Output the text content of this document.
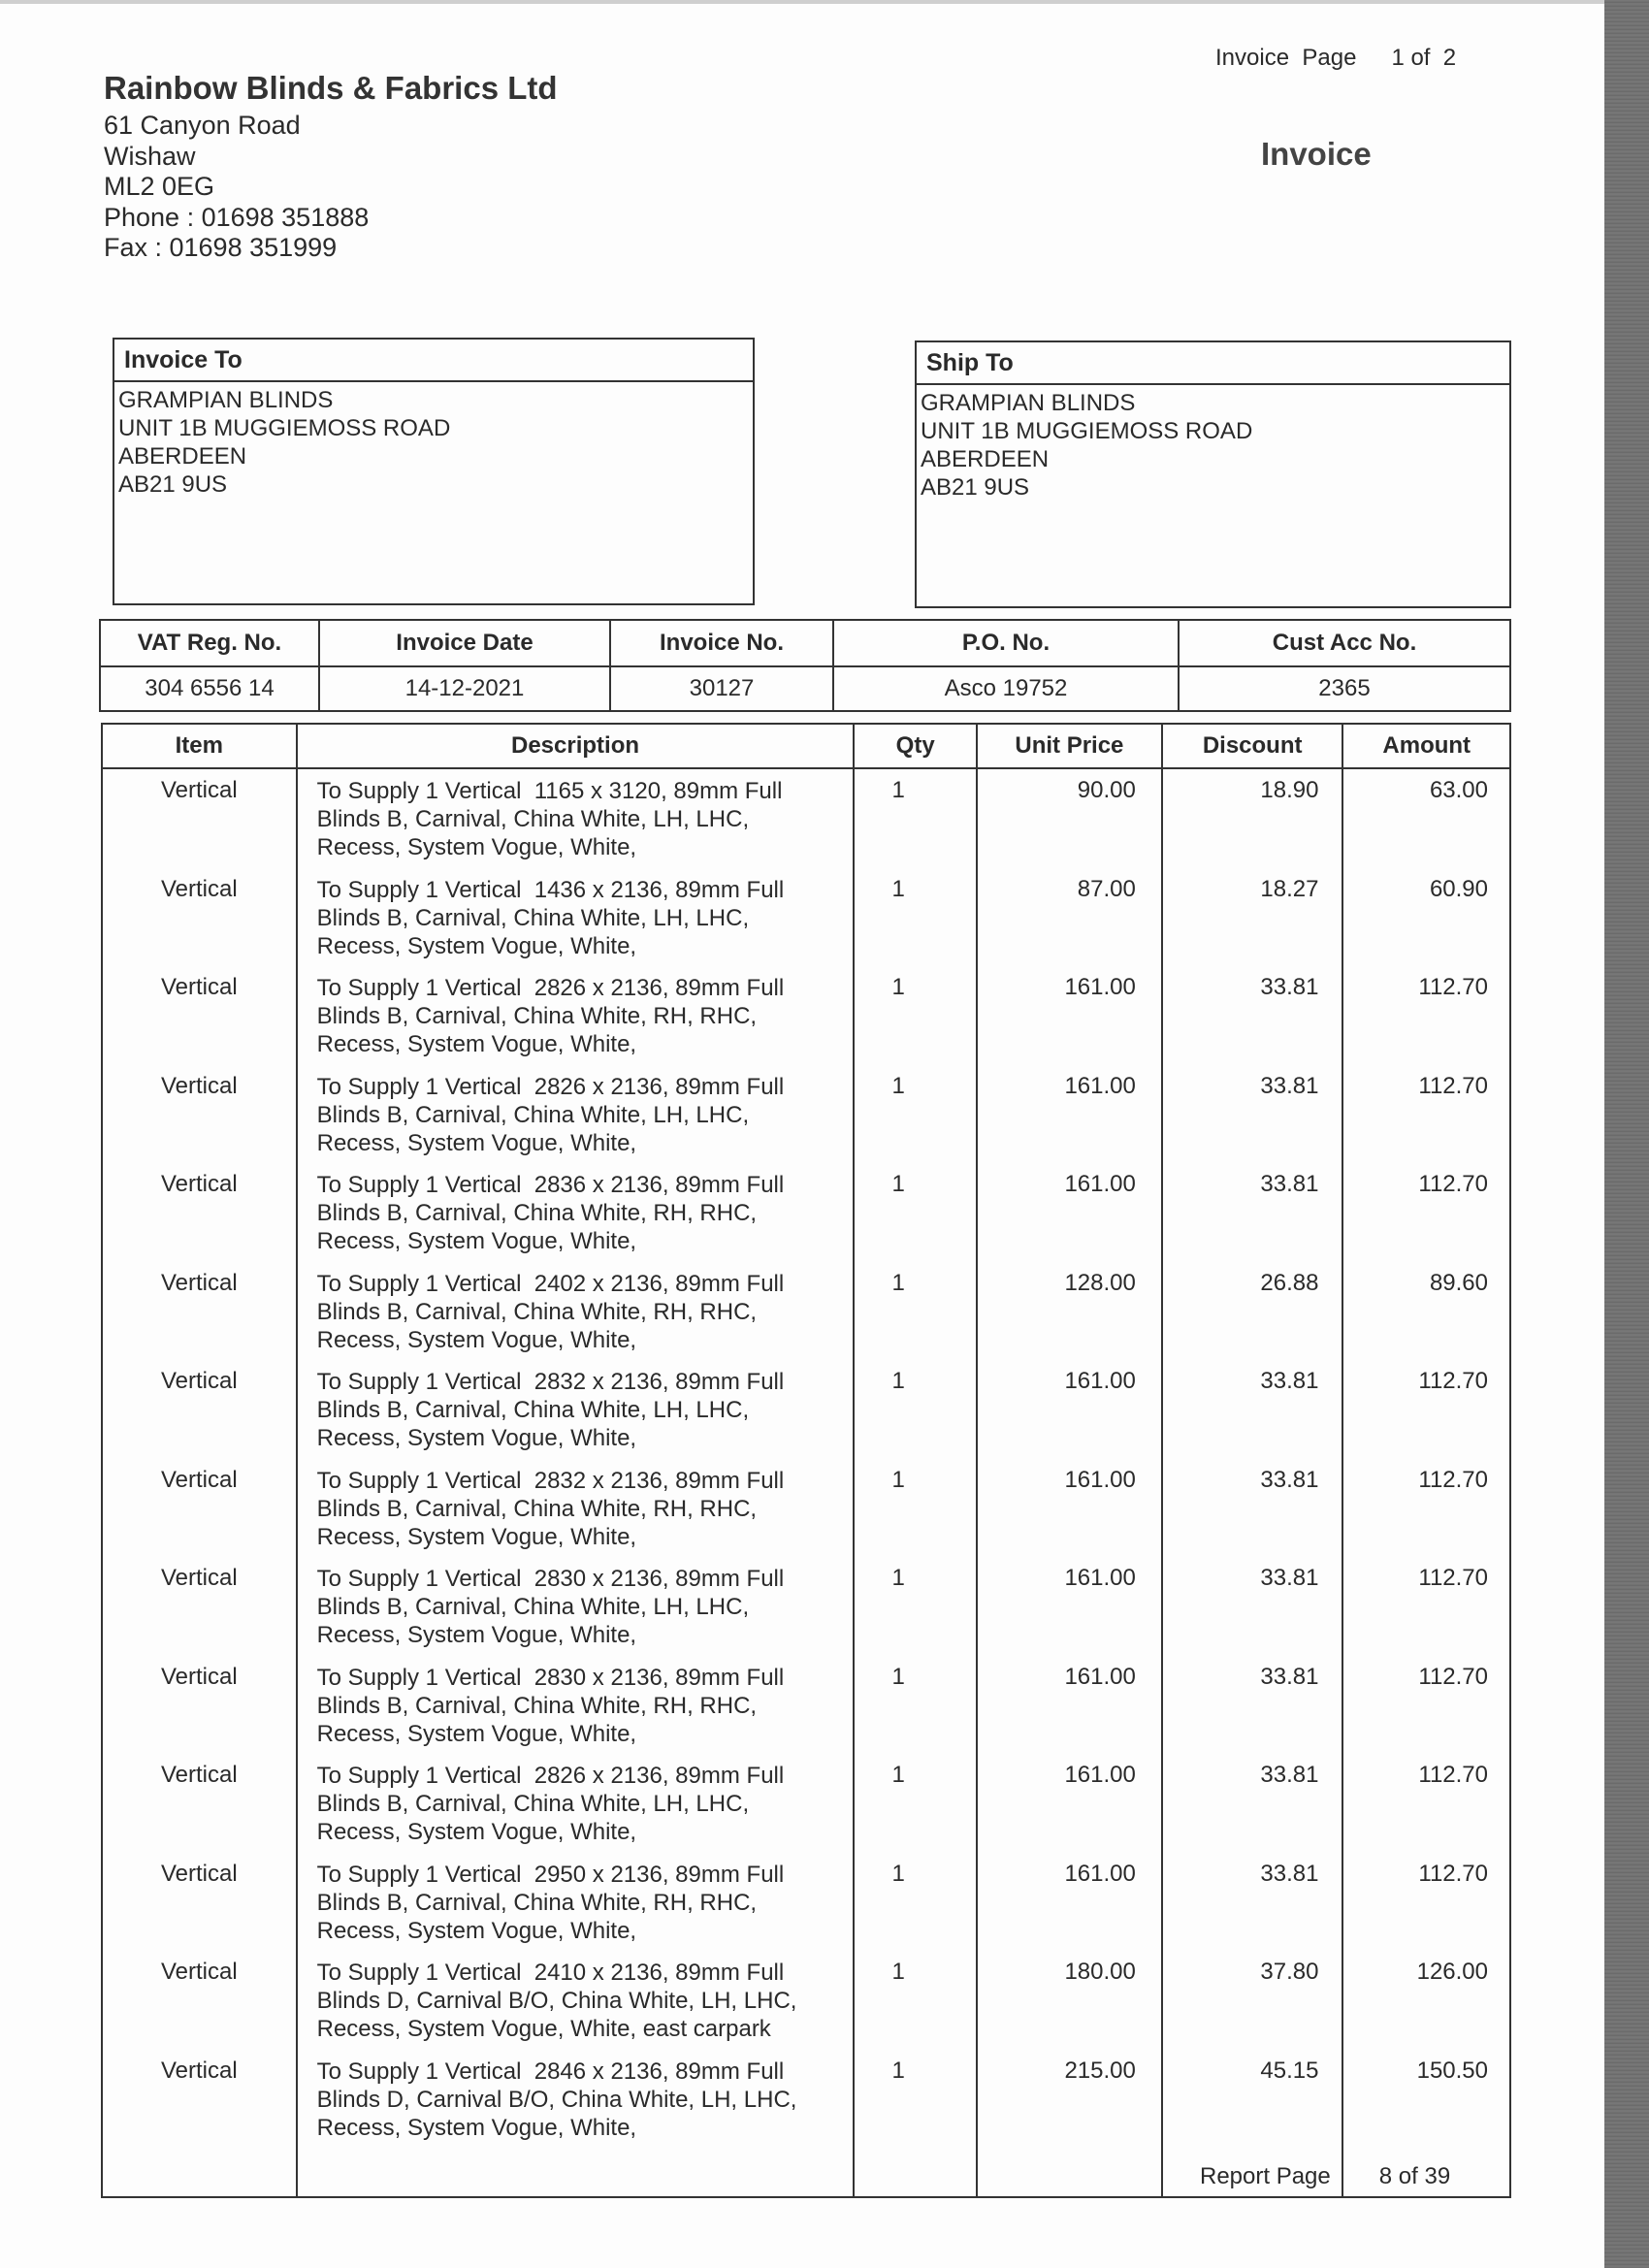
Rainbow Blinds & Fabrics Ltd
61 Canyon Road
Wishaw
ML2 0EG
Phone : 01698 351888
Fax : 01698 351999
Invoice  Page 1 of  2
Invoice
Invoice To
GRAMPIAN BLINDS
UNIT 1B MUGGIEMOSS ROAD
ABERDEEN
AB21 9US
Ship To
GRAMPIAN BLINDS
UNIT 1B MUGGIEMOSS ROAD
ABERDEEN
AB21 9US
VAT Reg. No.	Invoice Date	Invoice No.	P.O. No.	Cust Acc No.
304 6556 14	14-12-2021	30127	Asco 19752	2365
Item	Description	Qty	Unit Price	Discount	Amount

Vertical	To Supply 1 Vertical  1165 x 3120, 89mm Full
Blinds B, Carnival, China White, LH, LHC,
Recess, System Vogue, White,	1	90.00	18.90	63.00

Vertical	To Supply 1 Vertical  1436 x 2136, 89mm Full
Blinds B, Carnival, China White, LH, LHC,
Recess, System Vogue, White,	1	87.00	18.27	60.90

Vertical	To Supply 1 Vertical  2826 x 2136, 89mm Full
Blinds B, Carnival, China White, RH, RHC,
Recess, System Vogue, White,	1	161.00	33.81	112.70

Vertical	To Supply 1 Vertical  2826 x 2136, 89mm Full
Blinds B, Carnival, China White, LH, LHC,
Recess, System Vogue, White,	1	161.00	33.81	112.70

Vertical	To Supply 1 Vertical  2836 x 2136, 89mm Full
Blinds B, Carnival, China White, RH, RHC,
Recess, System Vogue, White,	1	161.00	33.81	112.70

Vertical	To Supply 1 Vertical  2402 x 2136, 89mm Full
Blinds B, Carnival, China White, RH, RHC,
Recess, System Vogue, White,	1	128.00	26.88	89.60

Vertical	To Supply 1 Vertical  2832 x 2136, 89mm Full
Blinds B, Carnival, China White, LH, LHC,
Recess, System Vogue, White,	1	161.00	33.81	112.70

Vertical	To Supply 1 Vertical  2832 x 2136, 89mm Full
Blinds B, Carnival, China White, RH, RHC,
Recess, System Vogue, White,	1	161.00	33.81	112.70

Vertical	To Supply 1 Vertical  2830 x 2136, 89mm Full
Blinds B, Carnival, China White, LH, LHC,
Recess, System Vogue, White,	1	161.00	33.81	112.70

Vertical	To Supply 1 Vertical  2830 x 2136, 89mm Full
Blinds B, Carnival, China White, RH, RHC,
Recess, System Vogue, White,	1	161.00	33.81	112.70

Vertical	To Supply 1 Vertical  2826 x 2136, 89mm Full
Blinds B, Carnival, China White, LH, LHC,
Recess, System Vogue, White,	1	161.00	33.81	112.70

Vertical	To Supply 1 Vertical  2950 x 2136, 89mm Full
Blinds B, Carnival, China White, RH, RHC,
Recess, System Vogue, White,	1	161.00	33.81	112.70

Vertical	To Supply 1 Vertical  2410 x 2136, 89mm Full
Blinds D, Carnival B/O, China White, LH, LHC,
Recess, System Vogue, White, east carpark	1	180.00	37.80	126.00

Vertical	To Supply 1 Vertical  2846 x 2136, 89mm Full
Blinds D, Carnival B/O, China White, LH, LHC,
Recess, System Vogue, White,	1	215.00	45.15	150.50
Report Page 8 of 39
